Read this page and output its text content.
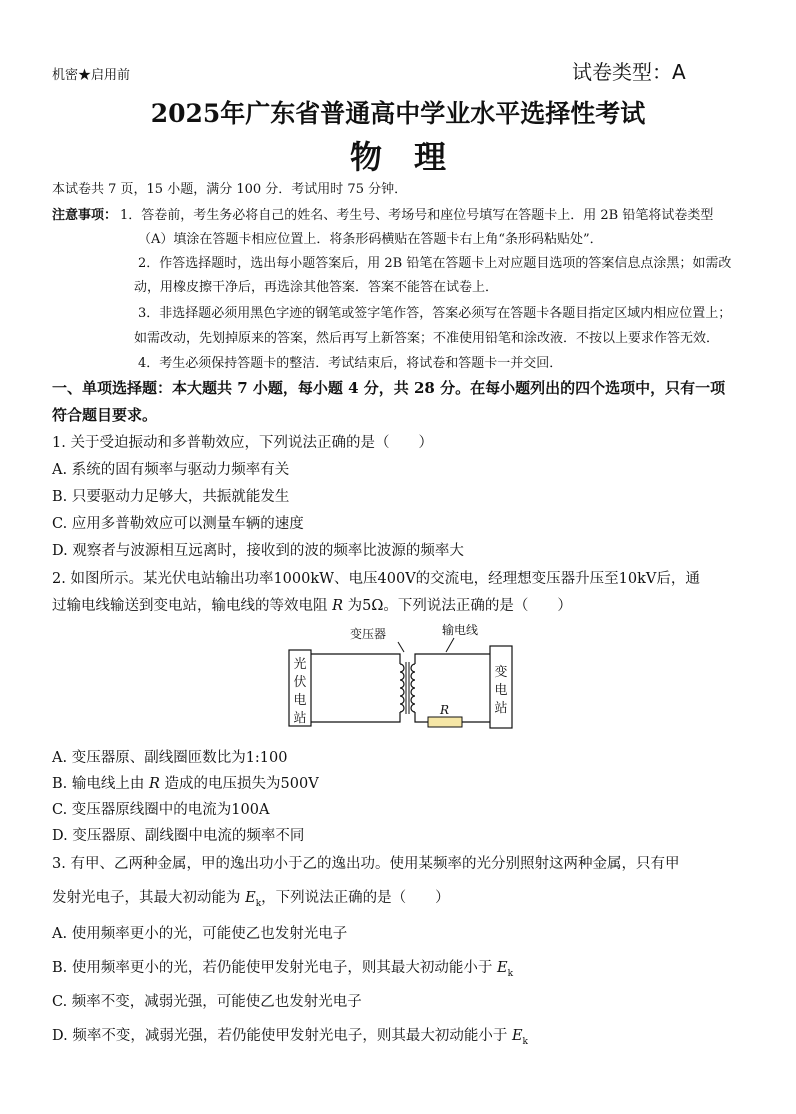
机密★启用前	试卷类型：A
2025年广东省普通高中学业水平选择性考试
物　理
本试卷共 7 页，15 小题，满分 100 分．考试用时 75 分钟．
注意事项： 1．答卷前，考生务必将自己的姓名、考生号、考场号和座位号填写在答题卡上．用 2B 铅笔将试卷类型
（A）填涂在答题卡相应位置上．将条形码横贴在答题卡右上角“条形码粘贴处”．
2．作答选择题时，选出每小题答案后，用 2B 铅笔在答题卡上对应题目选项的答案信息点涂黑；如需改
动，用橡皮擦干净后，再选涂其他答案．答案不能答在试卷上．
3．非选择题必须用黑色字迹的钢笔或签字笔作答，答案必须写在答题卡各题目指定区域内相应位置上；
如需改动，先划掉原来的答案，然后再写上新答案；不准使用铅笔和涂改液．不按以上要求作答无效．
4．考生必须保持答题卡的整洁．考试结束后，将试卷和答题卡一并交回．
一、单项选择题：本大题共 7 小题，每小题 4 分，共 28 分。在每小题列出的四个选项中，只有一项
符合题目要求。
1. 关于受迫振动和多普勒效应，下列说法正确的是（　　）
A. 系统的固有频率与驱动力频率有关
B. 只要驱动力足够大，共振就能发生
C. 应用多普勒效应可以测量车辆的速度
D. 观察者与波源相互远离时，接收到的波的频率比波源的频率大
2. 如图所示。某光伏电站输出功率1000kW、电压400V的交流电，经理想变压器升压至10kV后，通
过输电线输送到变电站，输电线的等效电阻 R 为5Ω。下列说法正确的是（　　）
变压器	输电线
光
伏
电
站
R
变
电
站
A. 变压器原、副线圈匝数比为1:100
B. 输电线上由 R 造成的电压损失为500V
C. 变压器原线圈中的电流为100A
D. 变压器原、副线圈中电流的频率不同
3. 有甲、乙两种金属，甲的逸出功小于乙的逸出功。使用某频率的光分别照射这两种金属，只有甲
发射光电子，其最大初动能为 $E_k$，下列说法正确的是（　　）
A. 使用频率更小的光，可能使乙也发射光电子
B. 使用频率更小的光，若仍能使甲发射光电子，则其最大初动能小于 $E_k$
C. 频率不变，减弱光强，可能使乙也发射光电子
D. 频率不变，减弱光强，若仍能使甲发射光电子，则其最大初动能小于 $E_k$
